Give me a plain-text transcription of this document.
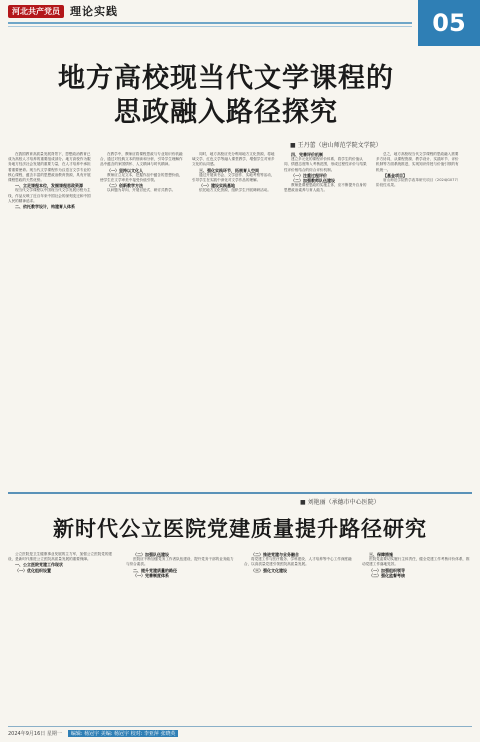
河北共产党员 理论实践	05
地方高校现当代文学课程的
思政融入路径探究
■ 王丹蕾（唐山师范学院文学院）

在我国教育高质量发展背景下，思想政治教育已成为高校人才培养的重要组成部分。地方高校作为服务地方经济社会发展的重要力量，在人才培养中承担着重要使命。现当代文学课程作为汉语言文学专业的核心课程，蕴含丰富的思想政治教育资源，具有开展课程思政的天然优势。

一、立足课程本位，发掘课程思政资源

现当代文学课程以中国现当代文学发展历程为主线，作品反映了近百年来中国社会的深刻变迁和中国人民的精神追求。

二、依托教学设计，构建育人体系

在教学中，教师应将课程思政与专业知识有机融合，通过对经典文本的细读和分析，引导学生理解作品中蕴含的家国情怀、人文精神与时代精神。

（一）坚持以文化人

教师应立足文本，挖掘作品中蕴含的思想价值，使学生在文学审美中接受价值引领。

（二）创新教学方法

以问题为导向，开展讨论式、研讨式教学。

同时，地方高校应充分利用地方文化资源，将地域文学、红色文学等融入课堂教学，增强学生对家乡文化的认同感。

三、强化实践环节，拓展育人空间

通过开展读书会、文学创作、实地考察等活动，引导学生在实践中深化对文学作品的理解。

（一）建设实践基地

依托地方文化资源，组织学生开展调研活动。

四、完善评价机制

建立多元化的课程评价体系，将学生的价值认同、情感态度纳入考核范围，形成过程性评价与结果性评价相结合的综合评价机制。

（一）注重过程评价

（二）加强教师队伍建设

教师是课程思政的实施主体，应不断提升自身的思想政治素养与育人能力。

总之，地方高校现当代文学课程的思政融入需要多方协同，从课程资源、教学设计、实践环节、评价机制等方面系统推进，实现知识传授与价值引领的有机统一。

【基金项目】

唐山师范学院教学改革研究项目（2024JG077）阶段性成果。

■ 刘艳丽（承德市中心医院）
新时代公立医院党建质量提升路径研究

公立医院是卫生健康事业发展的主力军，加强公立医院党的建设，是新时代推进公立医院高质量发展的重要保障。

一、公立医院党建工作现状

（一）优化组织设置

（二）加强队伍建设

医院应不断加强党务工作者队伍建设，提升党务干部的业务能力与综合素质。

二、提升党建质量的路径

（一）完善制度体系

（二）推进党建与业务融合

将党建工作与医疗服务、学科建设、人才培养等中心工作深度融合，以高质量党建引领医院高质量发展。

（三）强化文化建设

三、保障措施

医院党委要切实履行主体责任，健全党建工作考核评价体系，推动党建工作落地见效。

（一）加强组织领导

（二）强化监督考核

2024年9月16日 星期一	编辑: 杨冠宇 美编: 杨冠宇 校对: 李亚萍 张晓英
